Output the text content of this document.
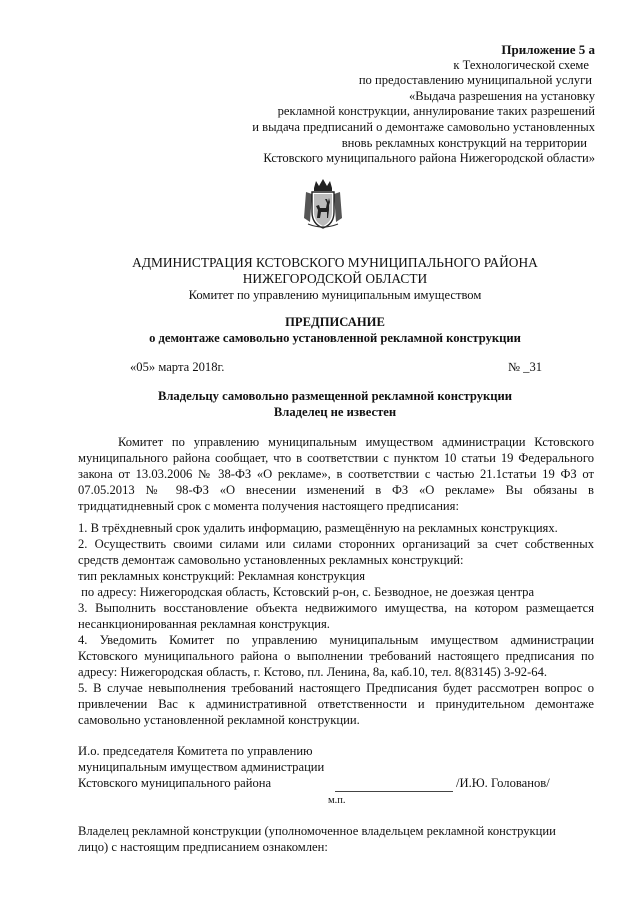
Приложение 5 а
к Технологической схеме
по предоставлению муниципальной услуги
«Выдача разрешения на установку
рекламной конструкции, аннулирование таких разрешений
и выдача предписаний о демонтаже самовольно установленных
вновь рекламных конструкций на территории
Кстовского муниципального района Нижегородской области»
АДМИНИСТРАЦИЯ КСТОВСКОГО МУНИЦИПАЛЬНОГО РАЙОНА
НИЖЕГОРОДСКОЙ ОБЛАСТИ
Комитет по управлению муниципальным имуществом
ПРЕДПИСАНИЕ
о демонтаже самовольно установленной рекламной конструкции
«05» марта 2018г.	№ _31
Владельцу самовольно размещенной рекламной конструкции
Владелец не известен
Комитет по управлению муниципальным имуществом администрации Кстовского
муниципального района сообщает, что в соответствии с пунктом 10 статьи 19 Федерального
закона от 13.03.2006 № 38-ФЗ «О рекламе», в соответствии с частью 21.1статьи 19 ФЗ от
07.05.2013 № 98-ФЗ «О внесении изменений в ФЗ «О рекламе» Вы обязаны в
тридцатидневный срок с момента получения настоящего предписания:
1. В трёхдневный срок удалить информацию, размещённую на рекламных конструкциях.
2. Осуществить своими силами или силами сторонних организаций за счет собственных
средств демонтаж самовольно установленных рекламных конструкций:
тип рекламных конструкций: Рекламная конструкция
по адресу: Нижегородская область, Кстовский р-он, с. Безводное, не доезжая центра
3. Выполнить восстановление объекта недвижимого имущества, на котором размещается
несанкционированная рекламная конструкция.
4. Уведомить Комитет по управлению муниципальным имуществом администрации
Кстовского муниципального района о выполнении требований настоящего предписания по
адресу: Нижегородская область, г. Кстово, пл. Ленина, 8а, каб.10, тел. 8(83145) 3-92-64.
5. В случае невыполнения требований настоящего Предписания будет рассмотрен вопрос о
привлечении Вас к административной ответственности и принудительном демонтаже
самовольно установленной рекламной конструкции.
И.о. председателя Комитета по управлению
муниципальным имуществом администрации
Кстовского муниципального района	/И.Ю. Голованов/
м.п.
Владелец рекламной конструкции (уполномоченное владельцем рекламной конструкции
лицо) с настоящим предписанием ознакомлен:
